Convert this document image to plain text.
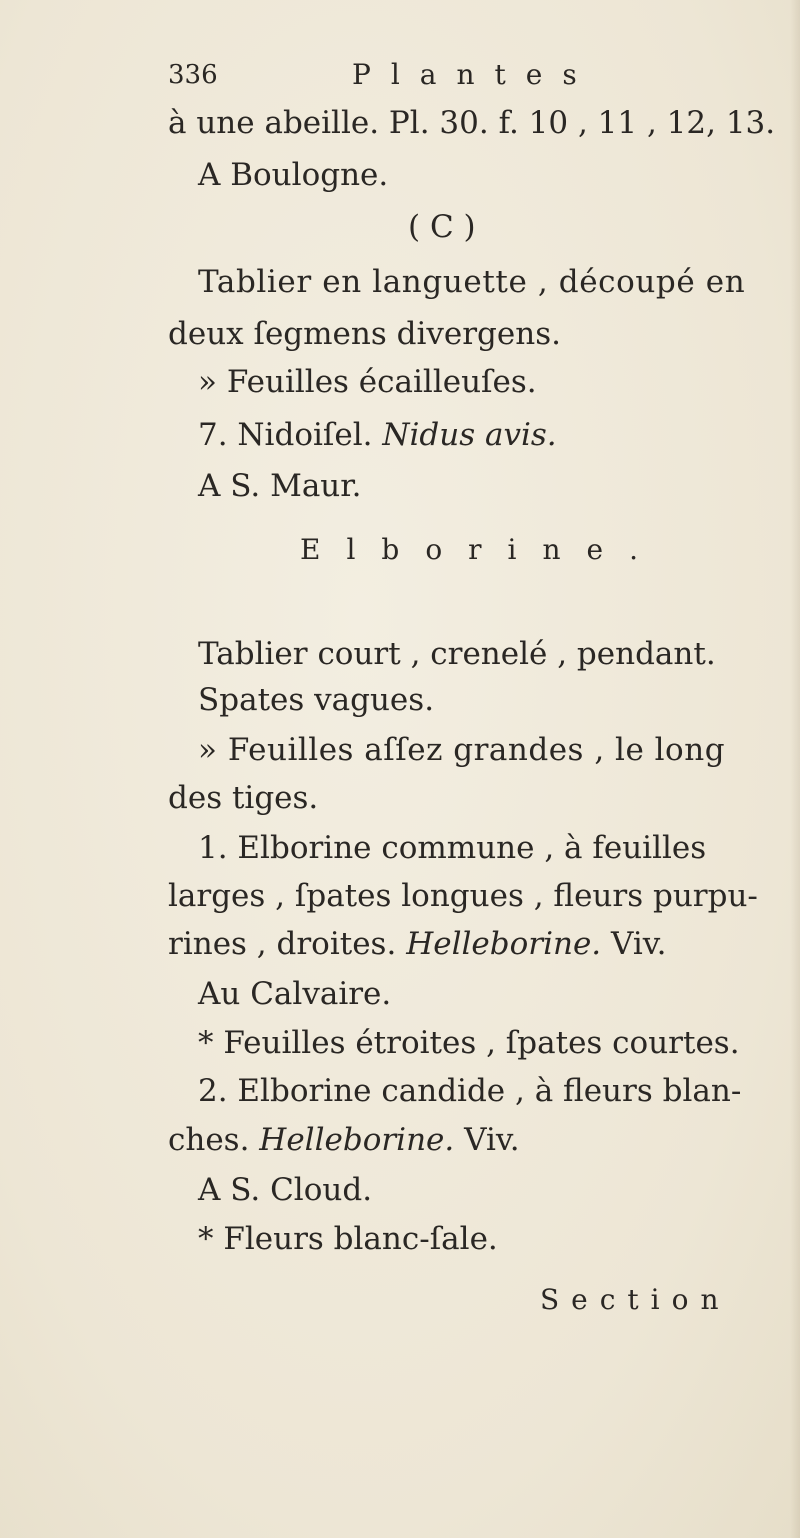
336	Plantes
à une abeille. Pl. 30. f. 10 , 11 , 12, 13.
A Boulogne.
( C )
Tablier en languette , découpé en
deux ſegmens divergens.
» Feuilles écailleuſes.
7. Nidoiſel. Nidus avis.
A S. Maur.
Elborine.
Tablier court , crenelé , pendant.
Spates vagues.
» Feuilles aſſez grandes , le long
des tiges.
1. Elborine commune , à feuilles
larges , ſpates longues , fleurs purpu-
rines , droites. Helleborine. Viv.
Au Calvaire.
* Feuilles étroites , ſpates courtes.
2. Elborine candide , à fleurs blan-
ches. Helleborine. Viv.
A S. Cloud.
* Fleurs blanc-ſale.
Section
